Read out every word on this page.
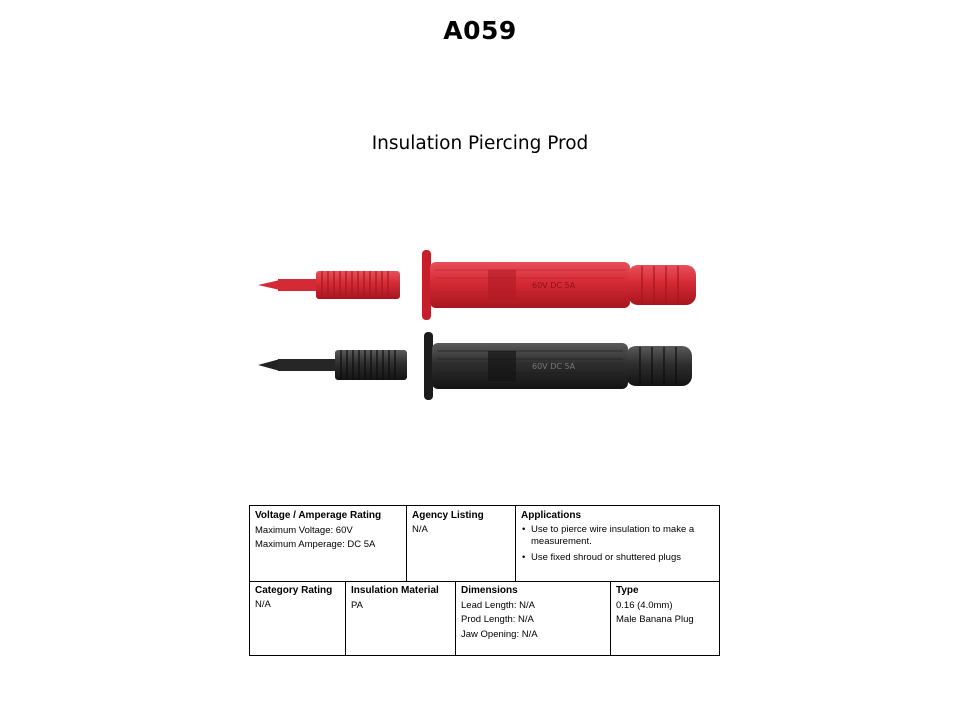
A059
Insulation Piercing Prod
60V DC 5A
60V DC 5A
Voltage / Amperage Rating
Maximum Voltage: 60V
Maximum Amperage: DC 5A
Agency Listing
N/A
Applications
• Use to pierce wire insulation to make a measurement.
• Use fixed shroud or shuttered plugs
Category Rating
N/A
Insulation Material
PA
Dimensions
Lead Length: N/A
Prod Length: N/A
Jaw Opening: N/A
Type
0.16 (4.0mm)
Male Banana Plug
